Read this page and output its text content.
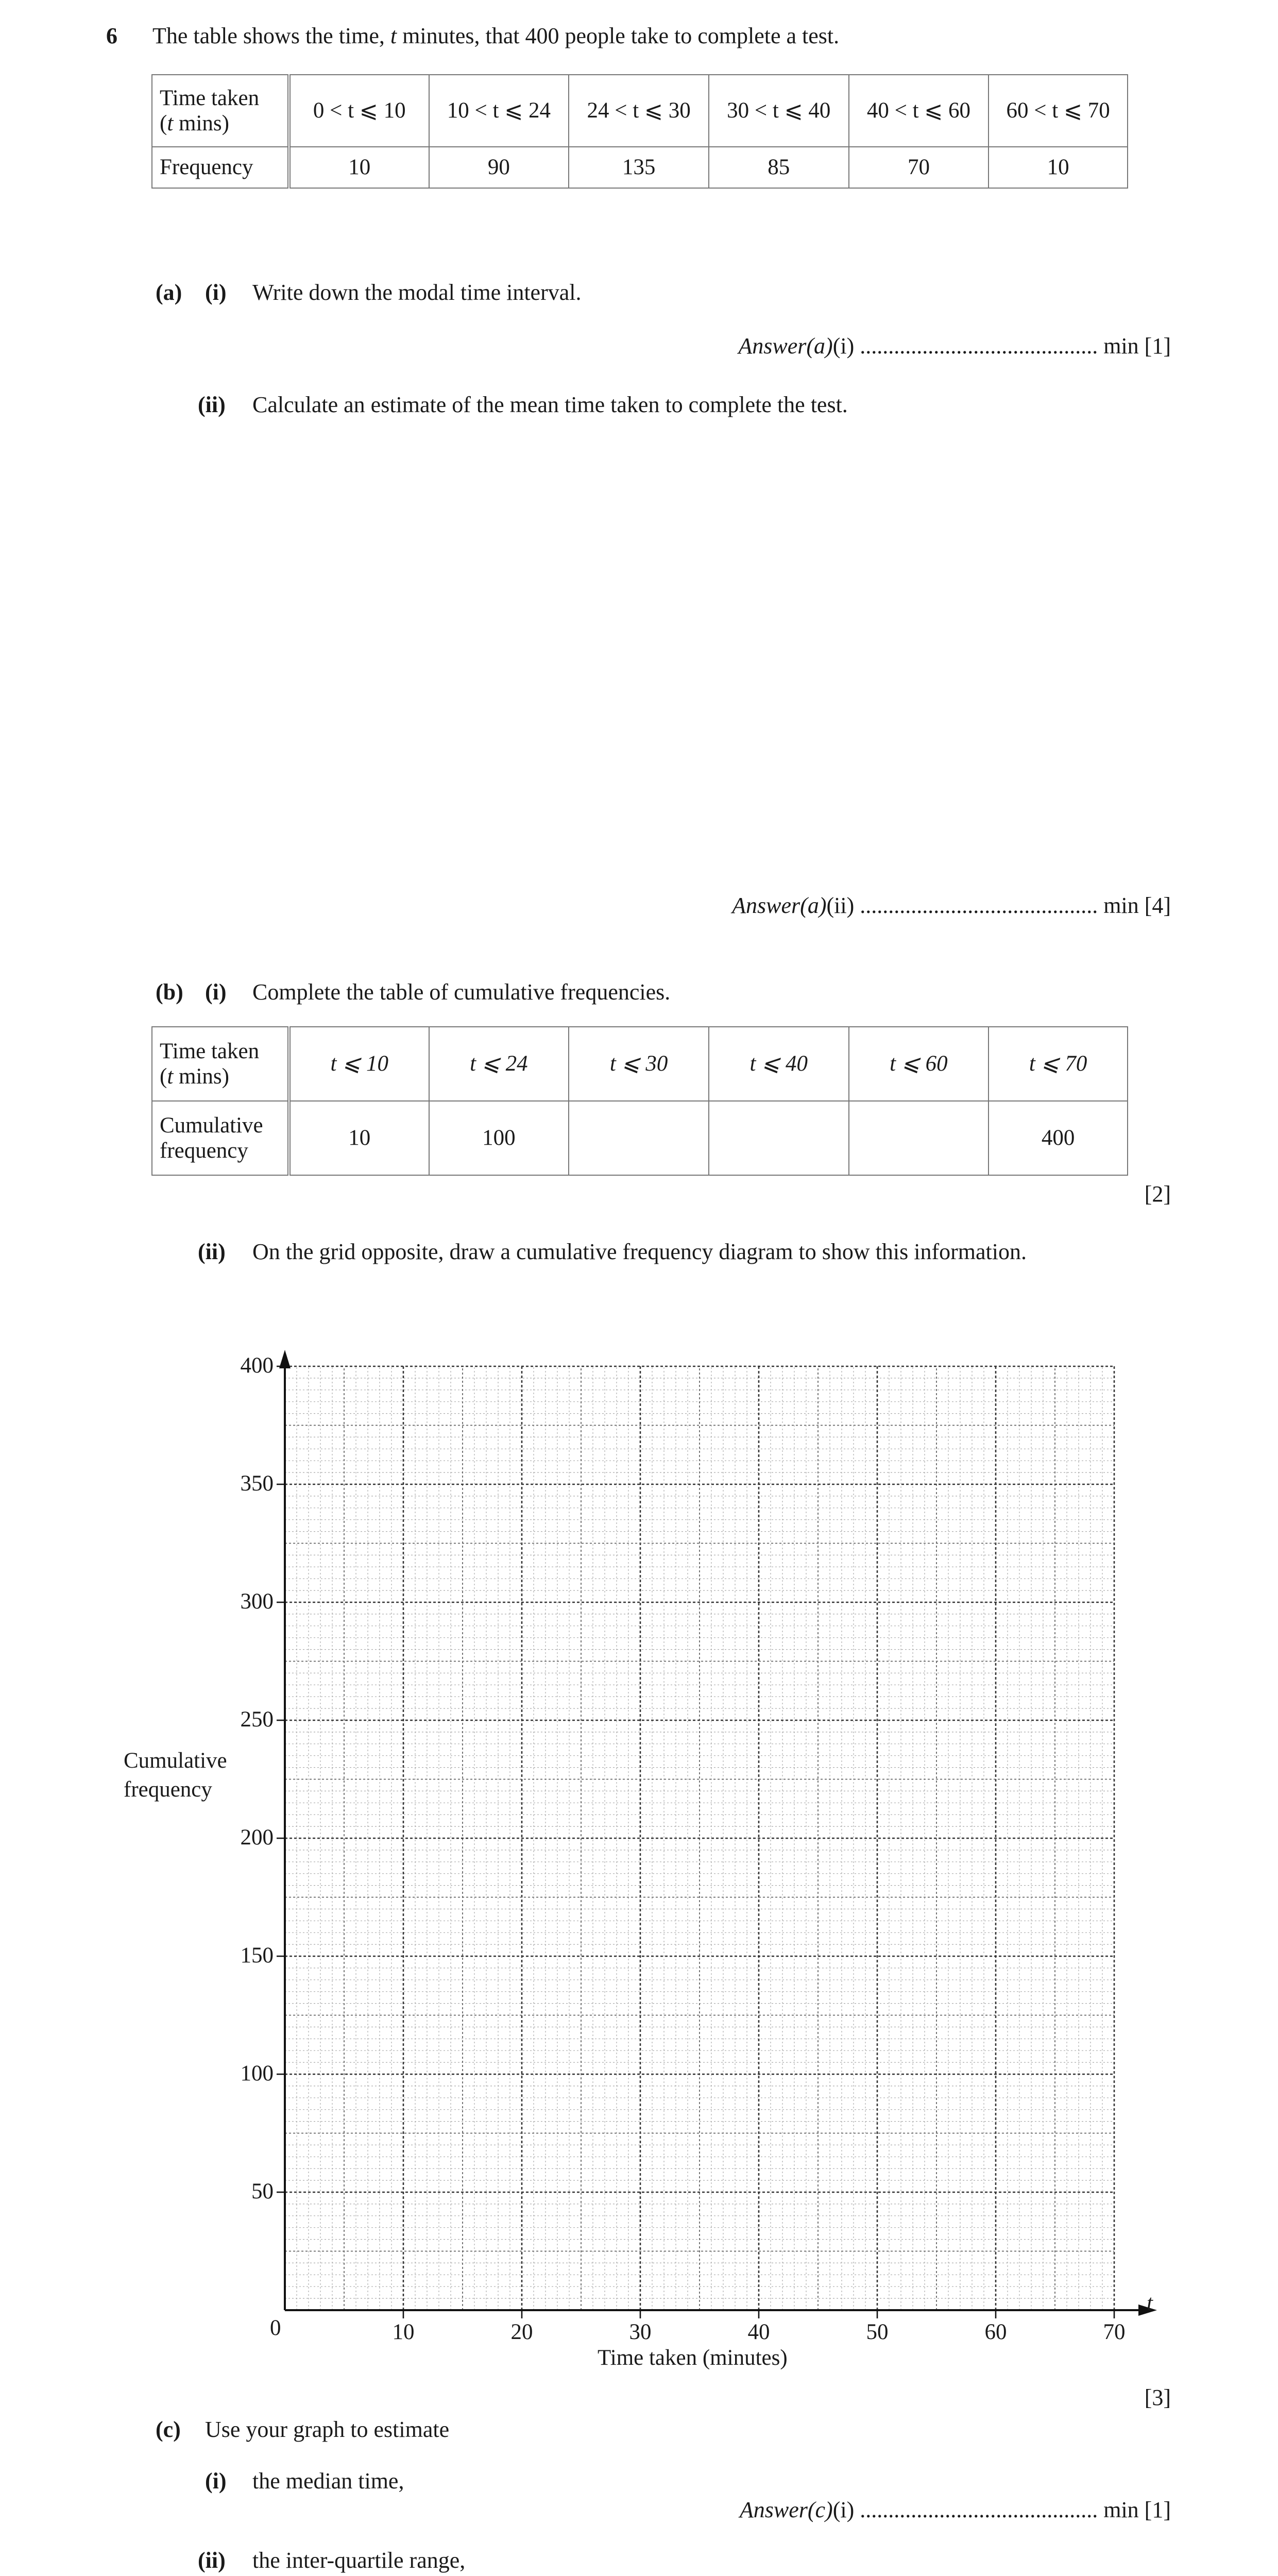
6 The table shows the time, t minutes, that 400 people take to complete a test.
Time taken
(t mins)	0 < t ⩽ 10	10 < t ⩽ 24	24 < t ⩽ 30	30 < t ⩽ 40	40 < t ⩽ 60	60 < t ⩽ 70
Frequency	10	90	135	85	70	10
(a) (i) Write down the modal time interval.
Answer(a)(i) .......................................... min [1]
(ii) Calculate an estimate of the mean time taken to complete the test.
Answer(a)(ii) .......................................... min [4]
(b) (i) Complete the table of cumulative frequencies.
Time taken
(t mins)	t ⩽ 10	t ⩽ 24	t ⩽ 30	t ⩽ 40	t ⩽ 60	t ⩽ 70

Cumulative
frequency	10	100				400
[2]
(ii) On the grid opposite, draw a cumulative frequency diagram to show this information.
t
0
50
100
150
200
250
300
350
400
10	20	30	40	50	60	70
Cumulative
frequency
Time taken (minutes)
[3]
(c) Use your graph to estimate
(i) the median time,
Answer(c)(i) .......................................... min [1]
(ii) the inter-quartile range,
